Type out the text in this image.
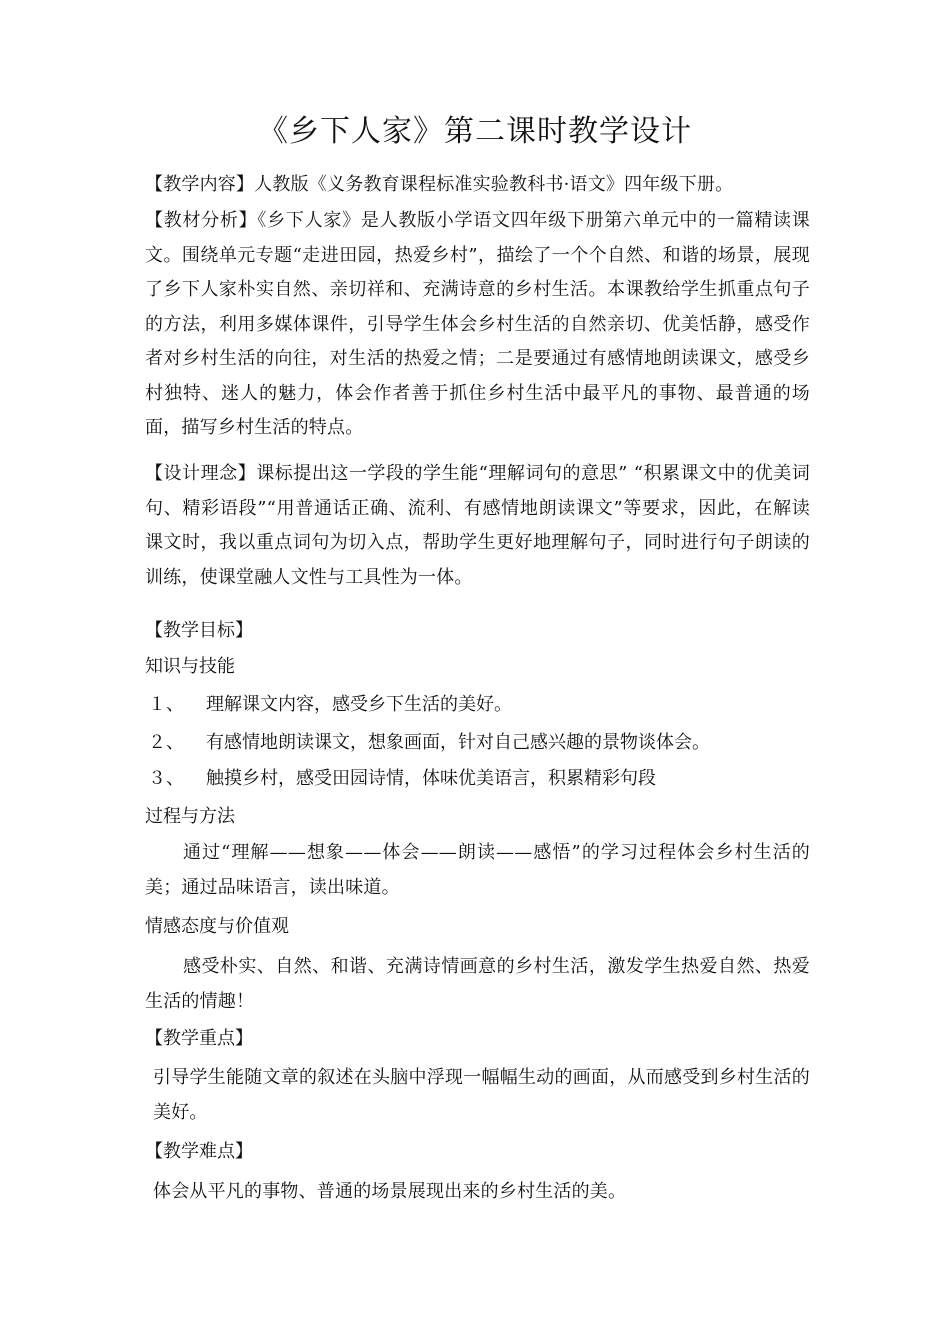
《乡下人家》第二课时教学设计
【教学内容】人教版《义务教育课程标准实验教科书·语文》四年级下册。
【教材分析】《乡下人家》是人教版小学语文四年级下册第六单元中的一篇精读课文。围绕单元专题“走进田园，热爱乡村”，描绘了一个个自然、和谐的场景，展现了乡下人家朴实自然、亲切祥和、充满诗意的乡村生活。本课教给学生抓重点句子的方法，利用多媒体课件，引导学生体会乡村生活的自然亲切、优美恬静，感受作者对乡村生活的向往，对生活的热爱之情；二是要通过有感情地朗读课文，感受乡村独特、迷人的魅力，体会作者善于抓住乡村生活中最平凡的事物、最普通的场面，描写乡村生活的特点。
【设计理念】课标提出这一学段的学生能“理解词句的意思” “积累课文中的优美词句、精彩语段”“用普通话正确、流利、有感情地朗读课文”等要求，因此，在解读课文时，我以重点词句为切入点，帮助学生更好地理解句子，同时进行句子朗读的训练，使课堂融人文性与工具性为一体。
【教学目标】
知识与技能
１、 理解课文内容，感受乡下生活的美好。
２、 有感情地朗读课文，想象画面，针对自己感兴趣的景物谈体会。
３、 触摸乡村，感受田园诗情，体味优美语言，积累精彩句段
过程与方法
通过“理解——想象——体会——朗读——感悟”的学习过程体会乡村生活的美；通过品味语言，读出味道。
情感态度与价值观
感受朴实、自然、和谐、充满诗情画意的乡村生活，激发学生热爱自然、热爱生活的情趣！
【教学重点】
引导学生能随文章的叙述在头脑中浮现一幅幅生动的画面，从而感受到乡村生活的美好。
【教学难点】
体会从平凡的事物、普通的场景展现出来的乡村生活的美。
